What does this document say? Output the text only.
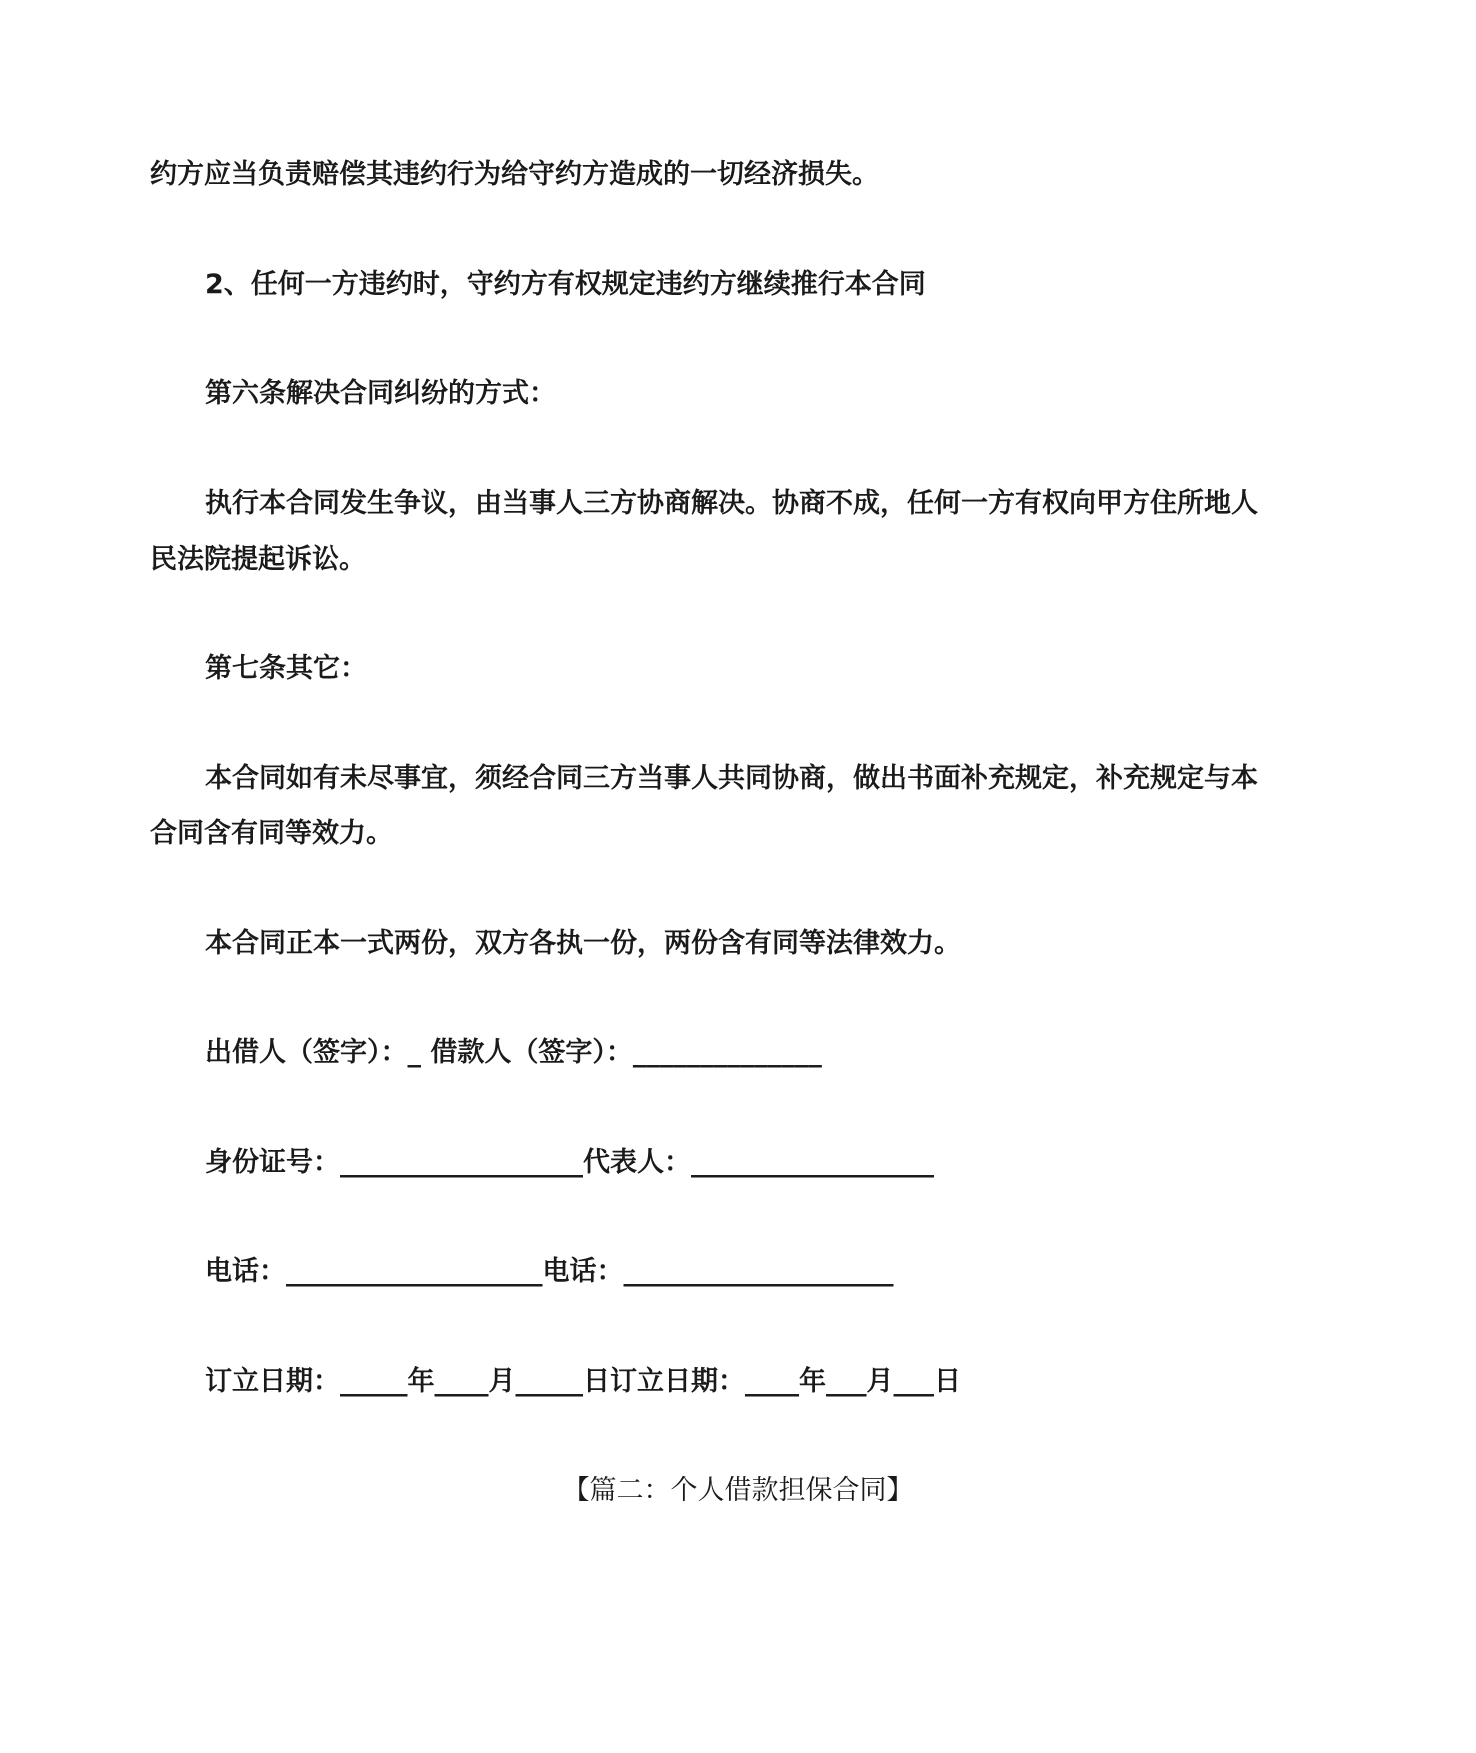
约方应当负责赔偿其违约行为给守约方造成的一切经济损失。
2、任何一方违约时，守约方有权规定违约方继续推行本合同
第六条解决合同纠纷的方式：
执行本合同发生争议，由当事人三方协商解决。协商不成，任何一方有权向甲方住所地人
民法院提起诉讼。
第七条其它：
本合同如有未尽事宜，须经合同三方当事人共同协商，做出书面补充规定，补充规定与本
合同含有同等效力。
本合同正本一式两份，双方各执一份，两份含有同等法律效力。
出借人（签字）：_ 借款人（签字）：______________
身份证号：__________________代表人：__________________
电话：___________________电话：____________________
订立日期：_____年____月_____日订立日期：____年___月___日
【篇二：个人借款担保合同】
